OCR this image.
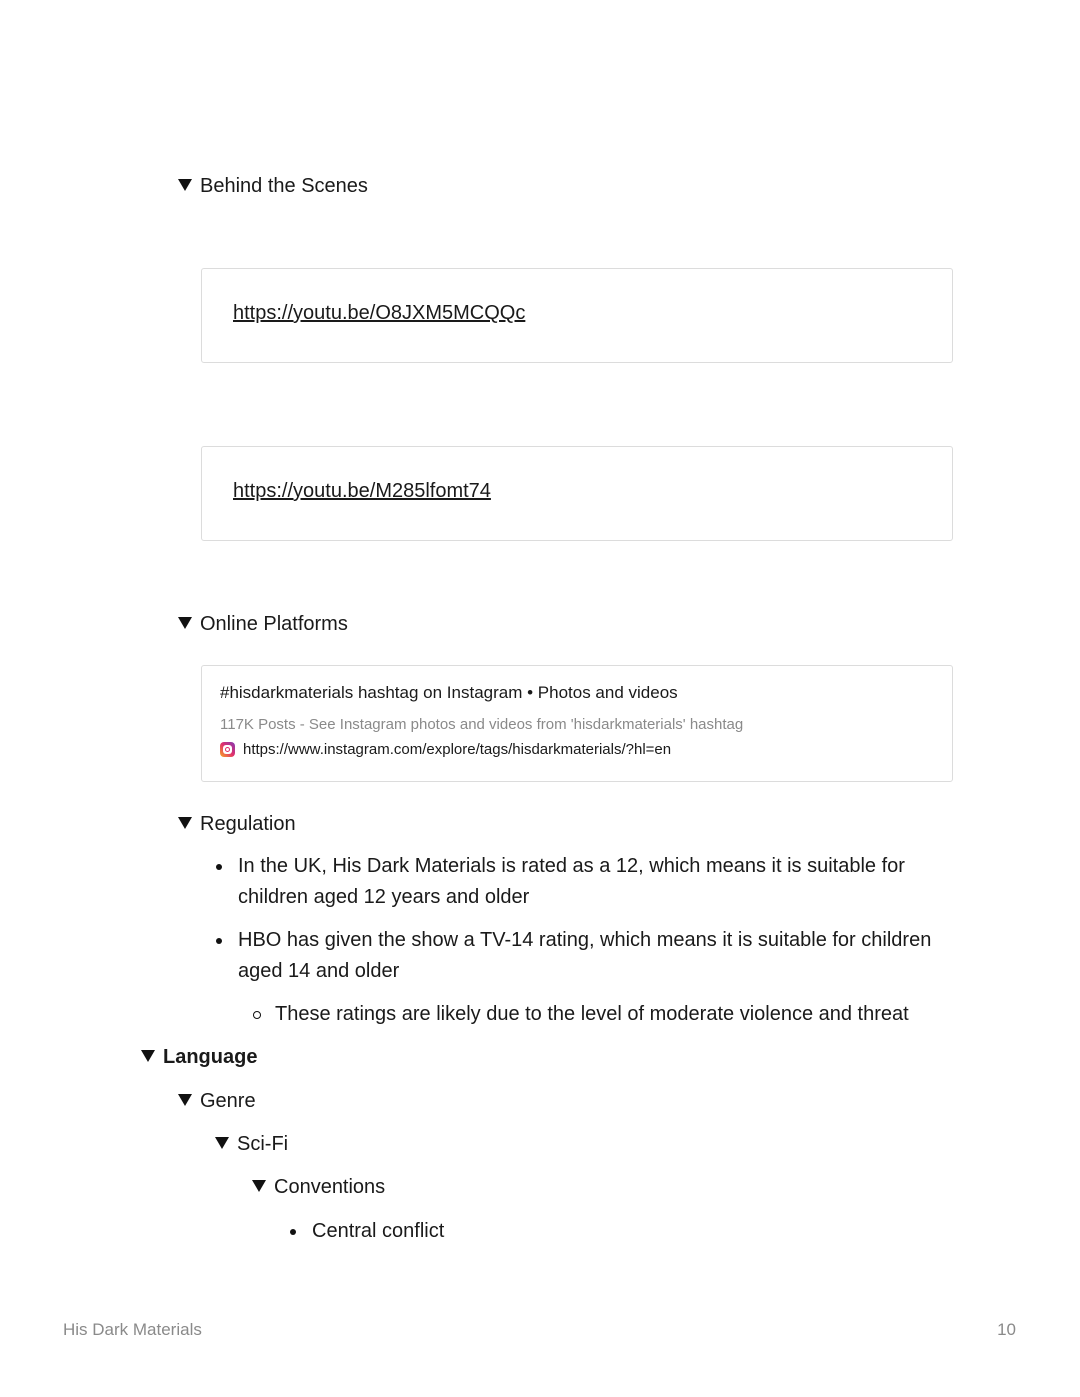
Behind the Scenes
https://youtu.be/O8JXM5MCQQc
https://youtu.be/M285lfomt74
Online Platforms
#hisdarkmaterials hashtag on Instagram • Photos and videos
117K Posts - See Instagram photos and videos from 'hisdarkmaterials' hashtag
https://www.instagram.com/explore/tags/hisdarkmaterials/?hl=en
Regulation
In the UK, His Dark Materials is rated as a 12, which means it is suitable for children aged 12 years and older
HBO has given the show a TV-14 rating, which means it is suitable for children aged 14 and older
These ratings are likely due to the level of moderate violence and threat
Language
Genre
Sci-Fi
Conventions
Central conflict
His Dark Materials	10
